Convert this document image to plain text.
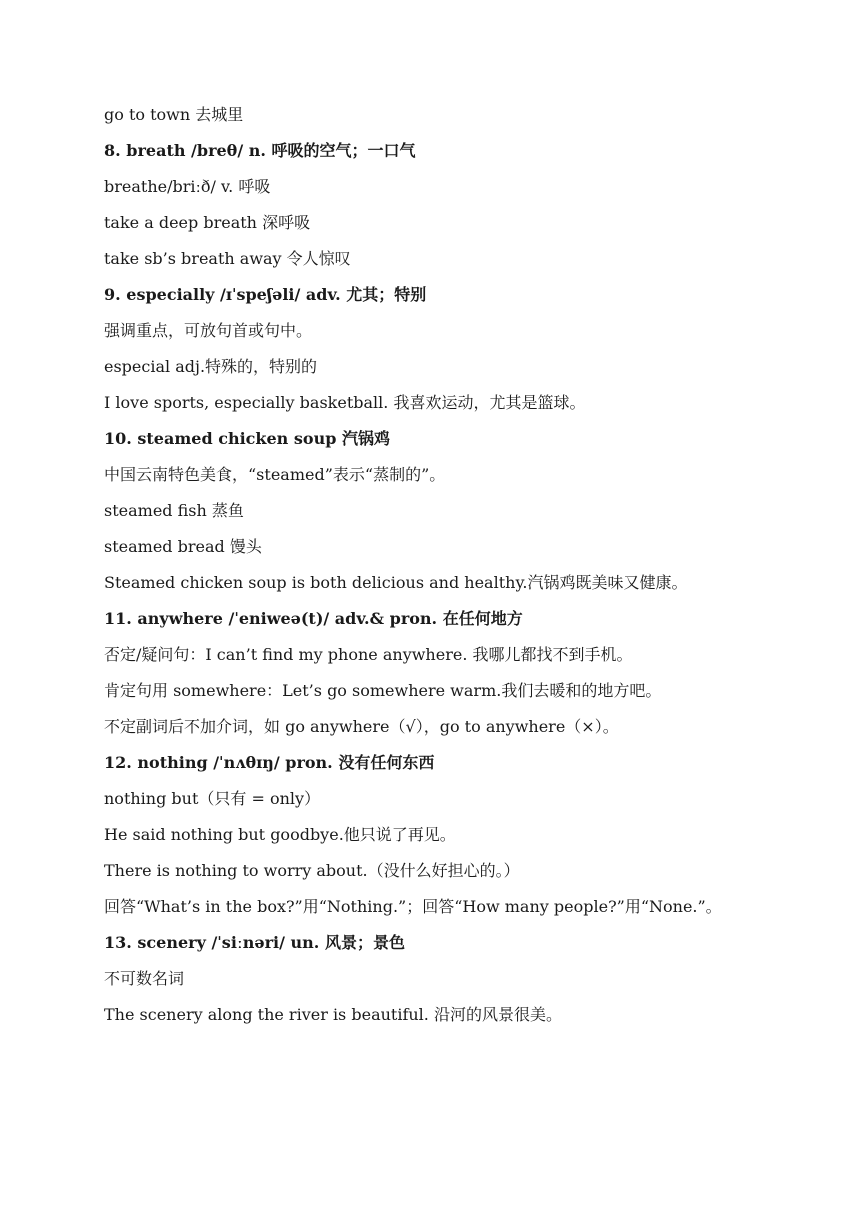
go to town 去城里
8. breath /breθ/ n. 呼吸的空气；一口气
breathe/briːð/ v. 呼吸
take a deep breath 深呼吸
take sb’s breath away 令人惊叹
9. especially /ɪˈspeʃəli/ adv. 尤其；特别
强调重点，可放句首或句中。
especial adj.特殊的，特别的
I love sports, especially basketball. 我喜欢运动，尤其是篮球。
10. steamed chicken soup 汽锅鸡
中国云南特色美食，“steamed”表示“蒸制的”。
steamed fish 蒸鱼
steamed bread 馒头
Steamed chicken soup is both delicious and healthy.汽锅鸡既美味又健康。
11. anywhere /ˈeniweə(t)/ adv.& pron. 在任何地方
否定/疑问句：I can’t find my phone anywhere. 我哪儿都找不到手机。
肯定句用 somewhere：Let’s go somewhere warm.我们去暖和的地方吧。
不定副词后不加介词，如 go anywhere（√），go to anywhere（×）。
12. nothing /ˈnʌθɪŋ/ pron. 没有任何东西
nothing but（只有 = only）
He said nothing but goodbye.他只说了再见。
There is nothing to worry about.（没什么好担心的。）
回答“What’s in the box?”用“Nothing.”；回答“How many people?”用“None.”。
13. scenery /ˈsiːnəri/ un. 风景；景色
不可数名词
The scenery along the river is beautiful. 沿河的风景很美。
